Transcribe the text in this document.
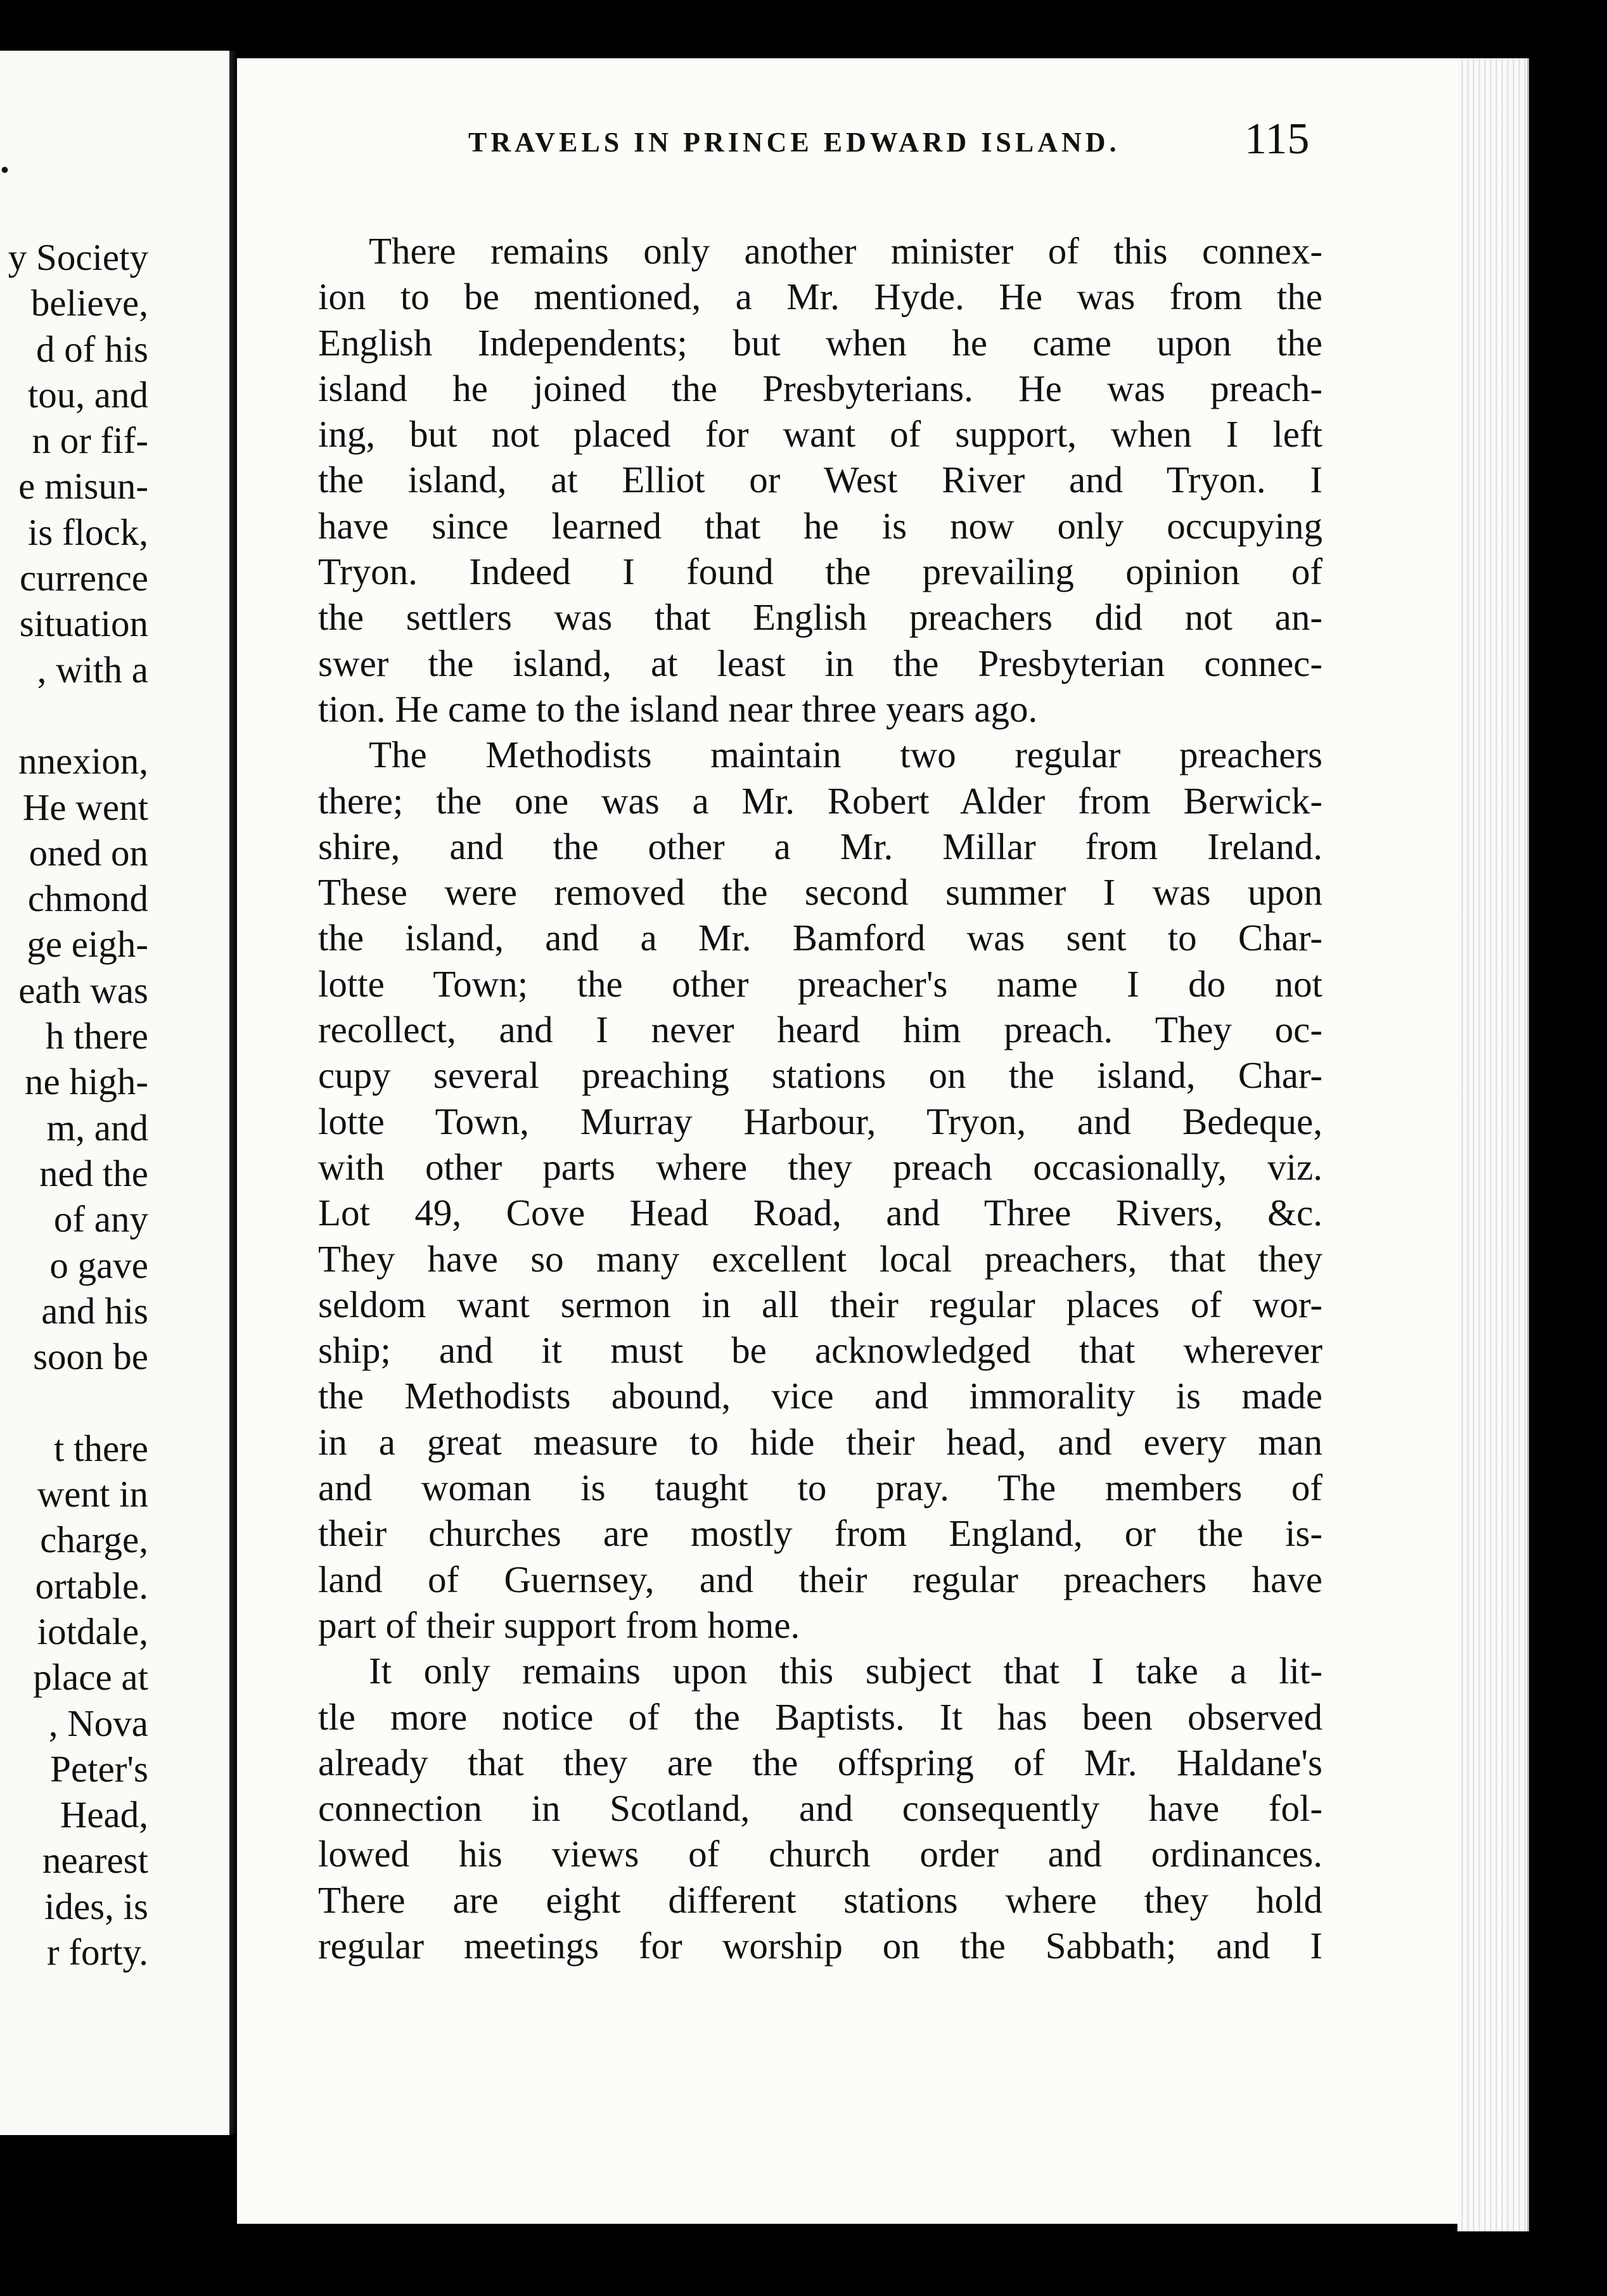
.
y Society
believe,
d of his
tou, and
n or fif-
e misun-
is flock,
currence
situation
, with a

nnexion,
He went
oned on
chmond
ge eigh-
eath was
h there
ne high-
m, and
ned the
of any
o gave
and his
soon be

t there
went in
charge,
ortable.
iotdale,
place at
, Nova
Peter's
Head,
nearest
ides, is
r forty.
TRAVELS IN PRINCE EDWARD ISLAND.	115
There remains only another minister of this connex-
ion to be mentioned, a Mr. Hyde. He was from the
English Independents; but when he came upon the
island he joined the Presbyterians. He was preach-
ing, but not placed for want of support, when I left
the island, at Elliot or West River and Tryon. I
have since learned that he is now only occupying
Tryon. Indeed I found the prevailing opinion of
the settlers was that English preachers did not an-
swer the island, at least in the Presbyterian connec-
tion. He came to the island near three years ago.
The Methodists maintain two regular preachers
there; the one was a Mr. Robert Alder from Berwick-
shire, and the other a Mr. Millar from Ireland.
These were removed the second summer I was upon
the island, and a Mr. Bamford was sent to Char-
lotte Town; the other preacher's name I do not
recollect, and I never heard him preach. They oc-
cupy several preaching stations on the island, Char-
lotte Town, Murray Harbour, Tryon, and Bedeque,
with other parts where they preach occasionally, viz.
Lot 49, Cove Head Road, and Three Rivers, &c.
They have so many excellent local preachers, that they
seldom want sermon in all their regular places of wor-
ship; and it must be acknowledged that wherever
the Methodists abound, vice and immorality is made
in a great measure to hide their head, and every man
and woman is taught to pray. The members of
their churches are mostly from England, or the is-
land of Guernsey, and their regular preachers have
part of their support from home.
It only remains upon this subject that I take a lit-
tle more notice of the Baptists. It has been observed
already that they are the offspring of Mr. Haldane's
connection in Scotland, and consequently have fol-
lowed his views of church order and ordinances.
There are eight different stations where they hold
regular meetings for worship on the Sabbath; and I
